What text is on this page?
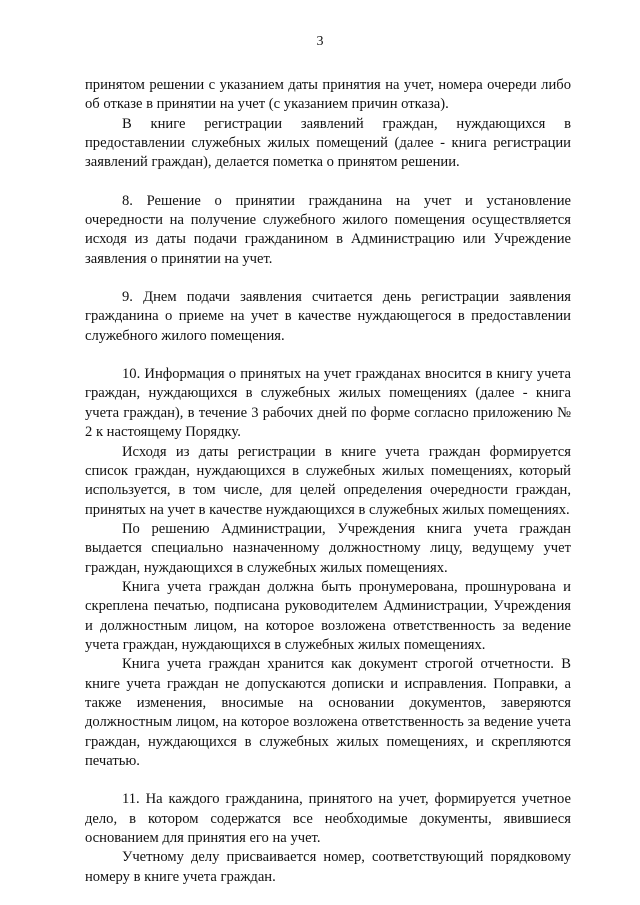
3

принятом решении с указанием даты принятия на учет, номера очереди либо об отказе в принятии на учет (с указанием причин отказа).

В книге регистрации заявлений граждан, нуждающихся в предоставлении служебных жилых помещений (далее - книга регистрации заявлений граждан), делается пометка о принятом решении.

8. Решение о принятии гражданина на учет и установление очередности на получение служебного жилого помещения осуществляется исходя из даты подачи гражданином в Администрацию или Учреждение заявления о принятии на учет.

9. Днем подачи заявления считается день регистрации заявления гражданина о приеме на учет в качестве нуждающегося в предоставлении служебного жилого помещения.

10. Информация о принятых на учет гражданах вносится в книгу учета граждан, нуждающихся в служебных жилых помещениях (далее - книга учета граждан), в течение 3 рабочих дней по форме согласно приложению № 2 к настоящему Порядку.

Исходя из даты регистрации в книге учета граждан формируется список граждан, нуждающихся в служебных жилых помещениях, который используется, в том числе, для целей определения очередности граждан, принятых на учет в качестве нуждающихся в служебных жилых помещениях.

По решению Администрации, Учреждения книга учета граждан выдается специально назначенному должностному лицу, ведущему учет граждан, нуждающихся в служебных жилых помещениях.

Книга учета граждан должна быть пронумерована, прошнурована и скреплена печатью, подписана руководителем Администрации, Учреждения и должностным лицом, на которое возложена ответственность за ведение учета граждан, нуждающихся в служебных жилых помещениях.

Книга учета граждан хранится как документ строгой отчетности. В книге учета граждан не допускаются дописки и исправления. Поправки, а также изменения, вносимые на основании документов, заверяются должностным лицом, на которое возложена ответственность за ведение учета граждан, нуждающихся в служебных жилых помещениях, и скрепляются печатью.

11. На каждого гражданина, принятого на учет, формируется учетное дело, в котором содержатся все необходимые документы, явившиеся основанием для принятия его на учет.

Учетному делу присваивается номер, соответствующий порядковому номеру в книге учета граждан.
